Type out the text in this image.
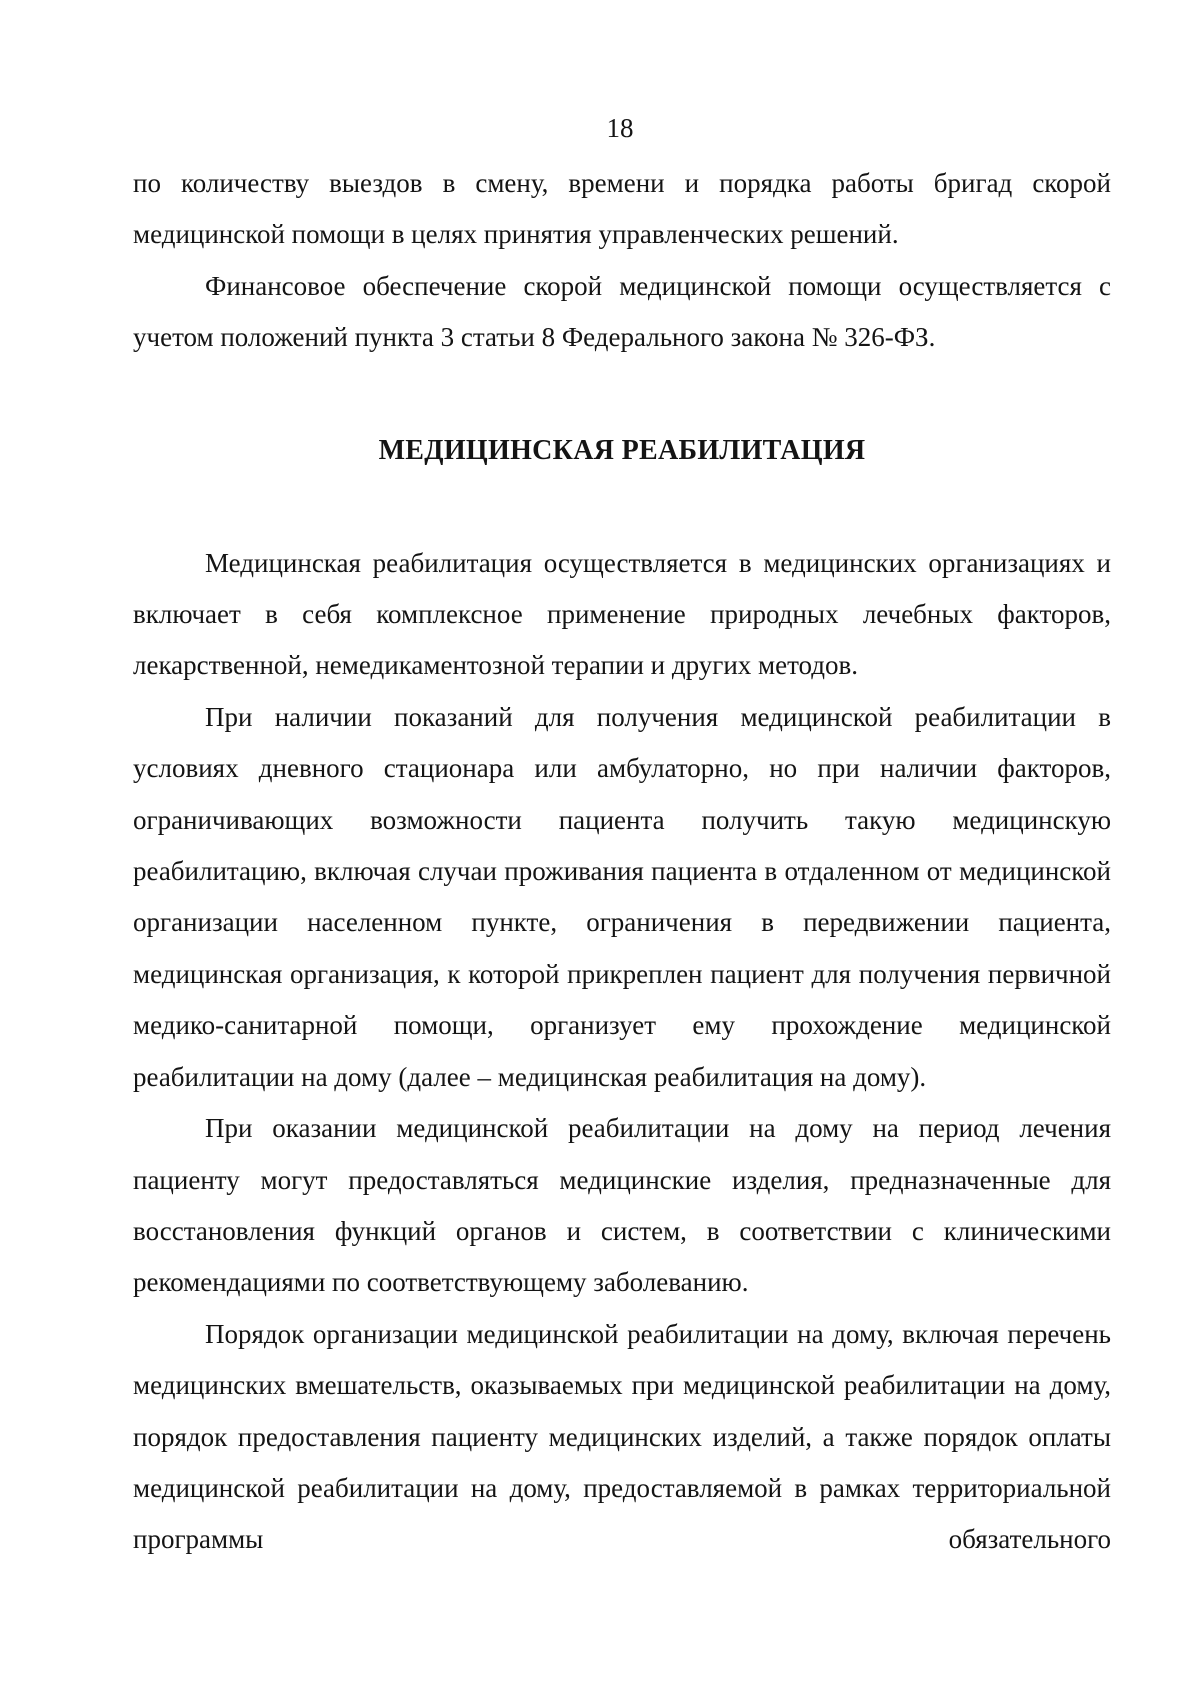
18

по количеству выездов в смену, времени и порядка работы бригад скорой медицинской помощи в целях принятия управленческих решений.

Финансовое обеспечение скорой медицинской помощи осуществляется с учетом положений пункта 3 статьи 8 Федерального закона № 326-ФЗ.

МЕДИЦИНСКАЯ РЕАБИЛИТАЦИЯ

Медицинская реабилитация осуществляется в медицинских организациях и включает в себя комплексное применение природных лечебных факторов, лекарственной, немедикаментозной терапии и других методов.

При наличии показаний для получения медицинской реабилитации в условиях дневного стационара или амбулаторно, но при наличии факторов, ограничивающих возможности пациента получить такую медицинскую реабилитацию, включая случаи проживания пациента в отдаленном от медицинской организации населенном пункте, ограничения в передвижении пациента, медицинская организация, к которой прикреплен пациент для получения первичной медико-санитарной помощи, организует ему прохождение медицинской реабилитации на дому (далее – медицинская реабилитация на дому).

При оказании медицинской реабилитации на дому на период лечения пациенту могут предоставляться медицинские изделия, предназначенные для восстановления функций органов и систем, в соответствии с клиническими рекомендациями по соответствующему заболеванию.

Порядок организации медицинской реабилитации на дому, включая перечень медицинских вмешательств, оказываемых при медицинской реабилитации на дому, порядок предоставления пациенту медицинских изделий, а также порядок оплаты медицинской реабилитации на дому, предоставляемой в рамках территориальной программы обязательного
